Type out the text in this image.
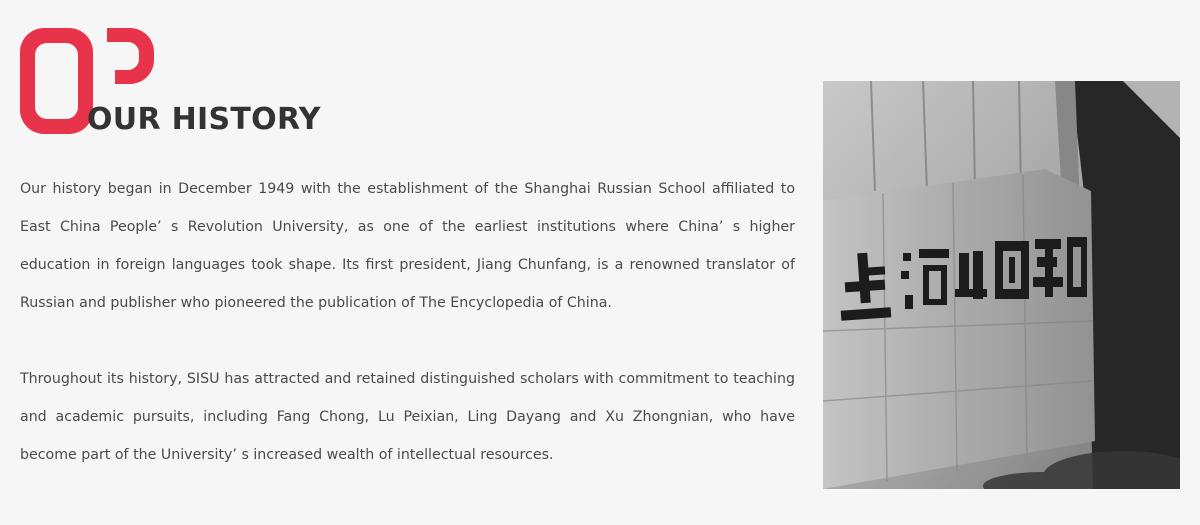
OUR HISTORY

Our history began in December 1949 with the establishment of the Shanghai Russian School affiliated to East China People’ s Revolution University, as one of the earliest institutions where China’ s higher education in foreign languages took shape. Its first president, Jiang Chunfang, is a renowned translator of Russian and publisher who pioneered the publication of The Encyclopedia of China.

Throughout its history, SISU has attracted and retained distinguished scholars with commitment to teaching and academic pursuits, including Fang Chong, Lu Peixian, Ling Dayang and Xu Zhongnian, who have become part of the University’ s increased wealth of intellectual resources.
